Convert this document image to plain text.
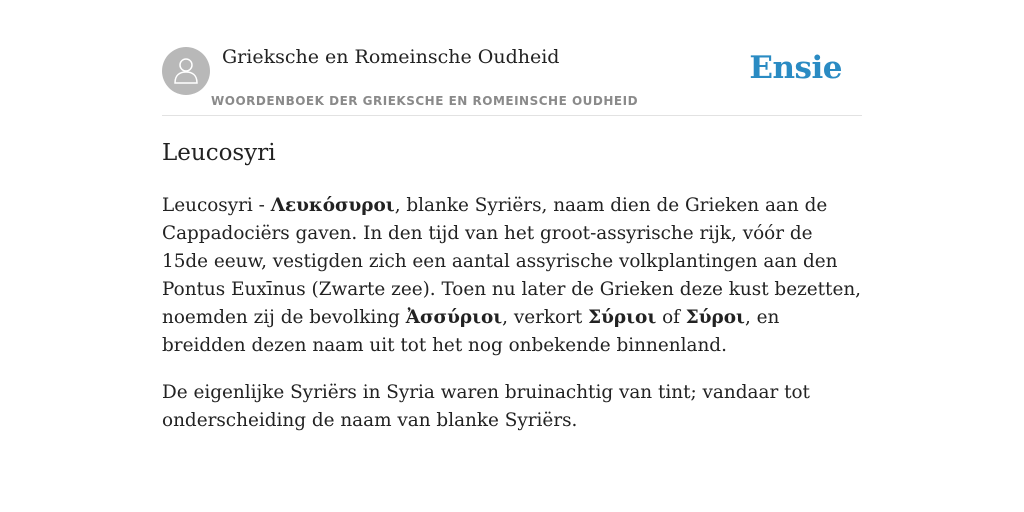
Grieksche en Romeinsche Oudheid
WOORDENBOEK DER GRIEKSCHE EN ROMEINSCHE OUDHEID
Ensie
Leucosyri

Leucosyri - Λευκόσυροι, blanke Syriërs, naam dien de Grieken aan de Cappadociërs gaven. In den tijd van het groot-assyrische rijk, vóór de 15de eeuw, vestigden zich een aantal assyrische volkplantingen aan den Pontus Euxīnus (Zwarte zee). Toen nu later de Grieken deze kust bezetten, noemden zij de bevolking Ἀσσύριοι, verkort Σύριοι of Σύροι, en breidden dezen naam uit tot het nog onbekende binnenland.

De eigenlijke Syriërs in Syria waren bruinachtig van tint; vandaar tot onderscheiding de naam van blanke Syriërs.
